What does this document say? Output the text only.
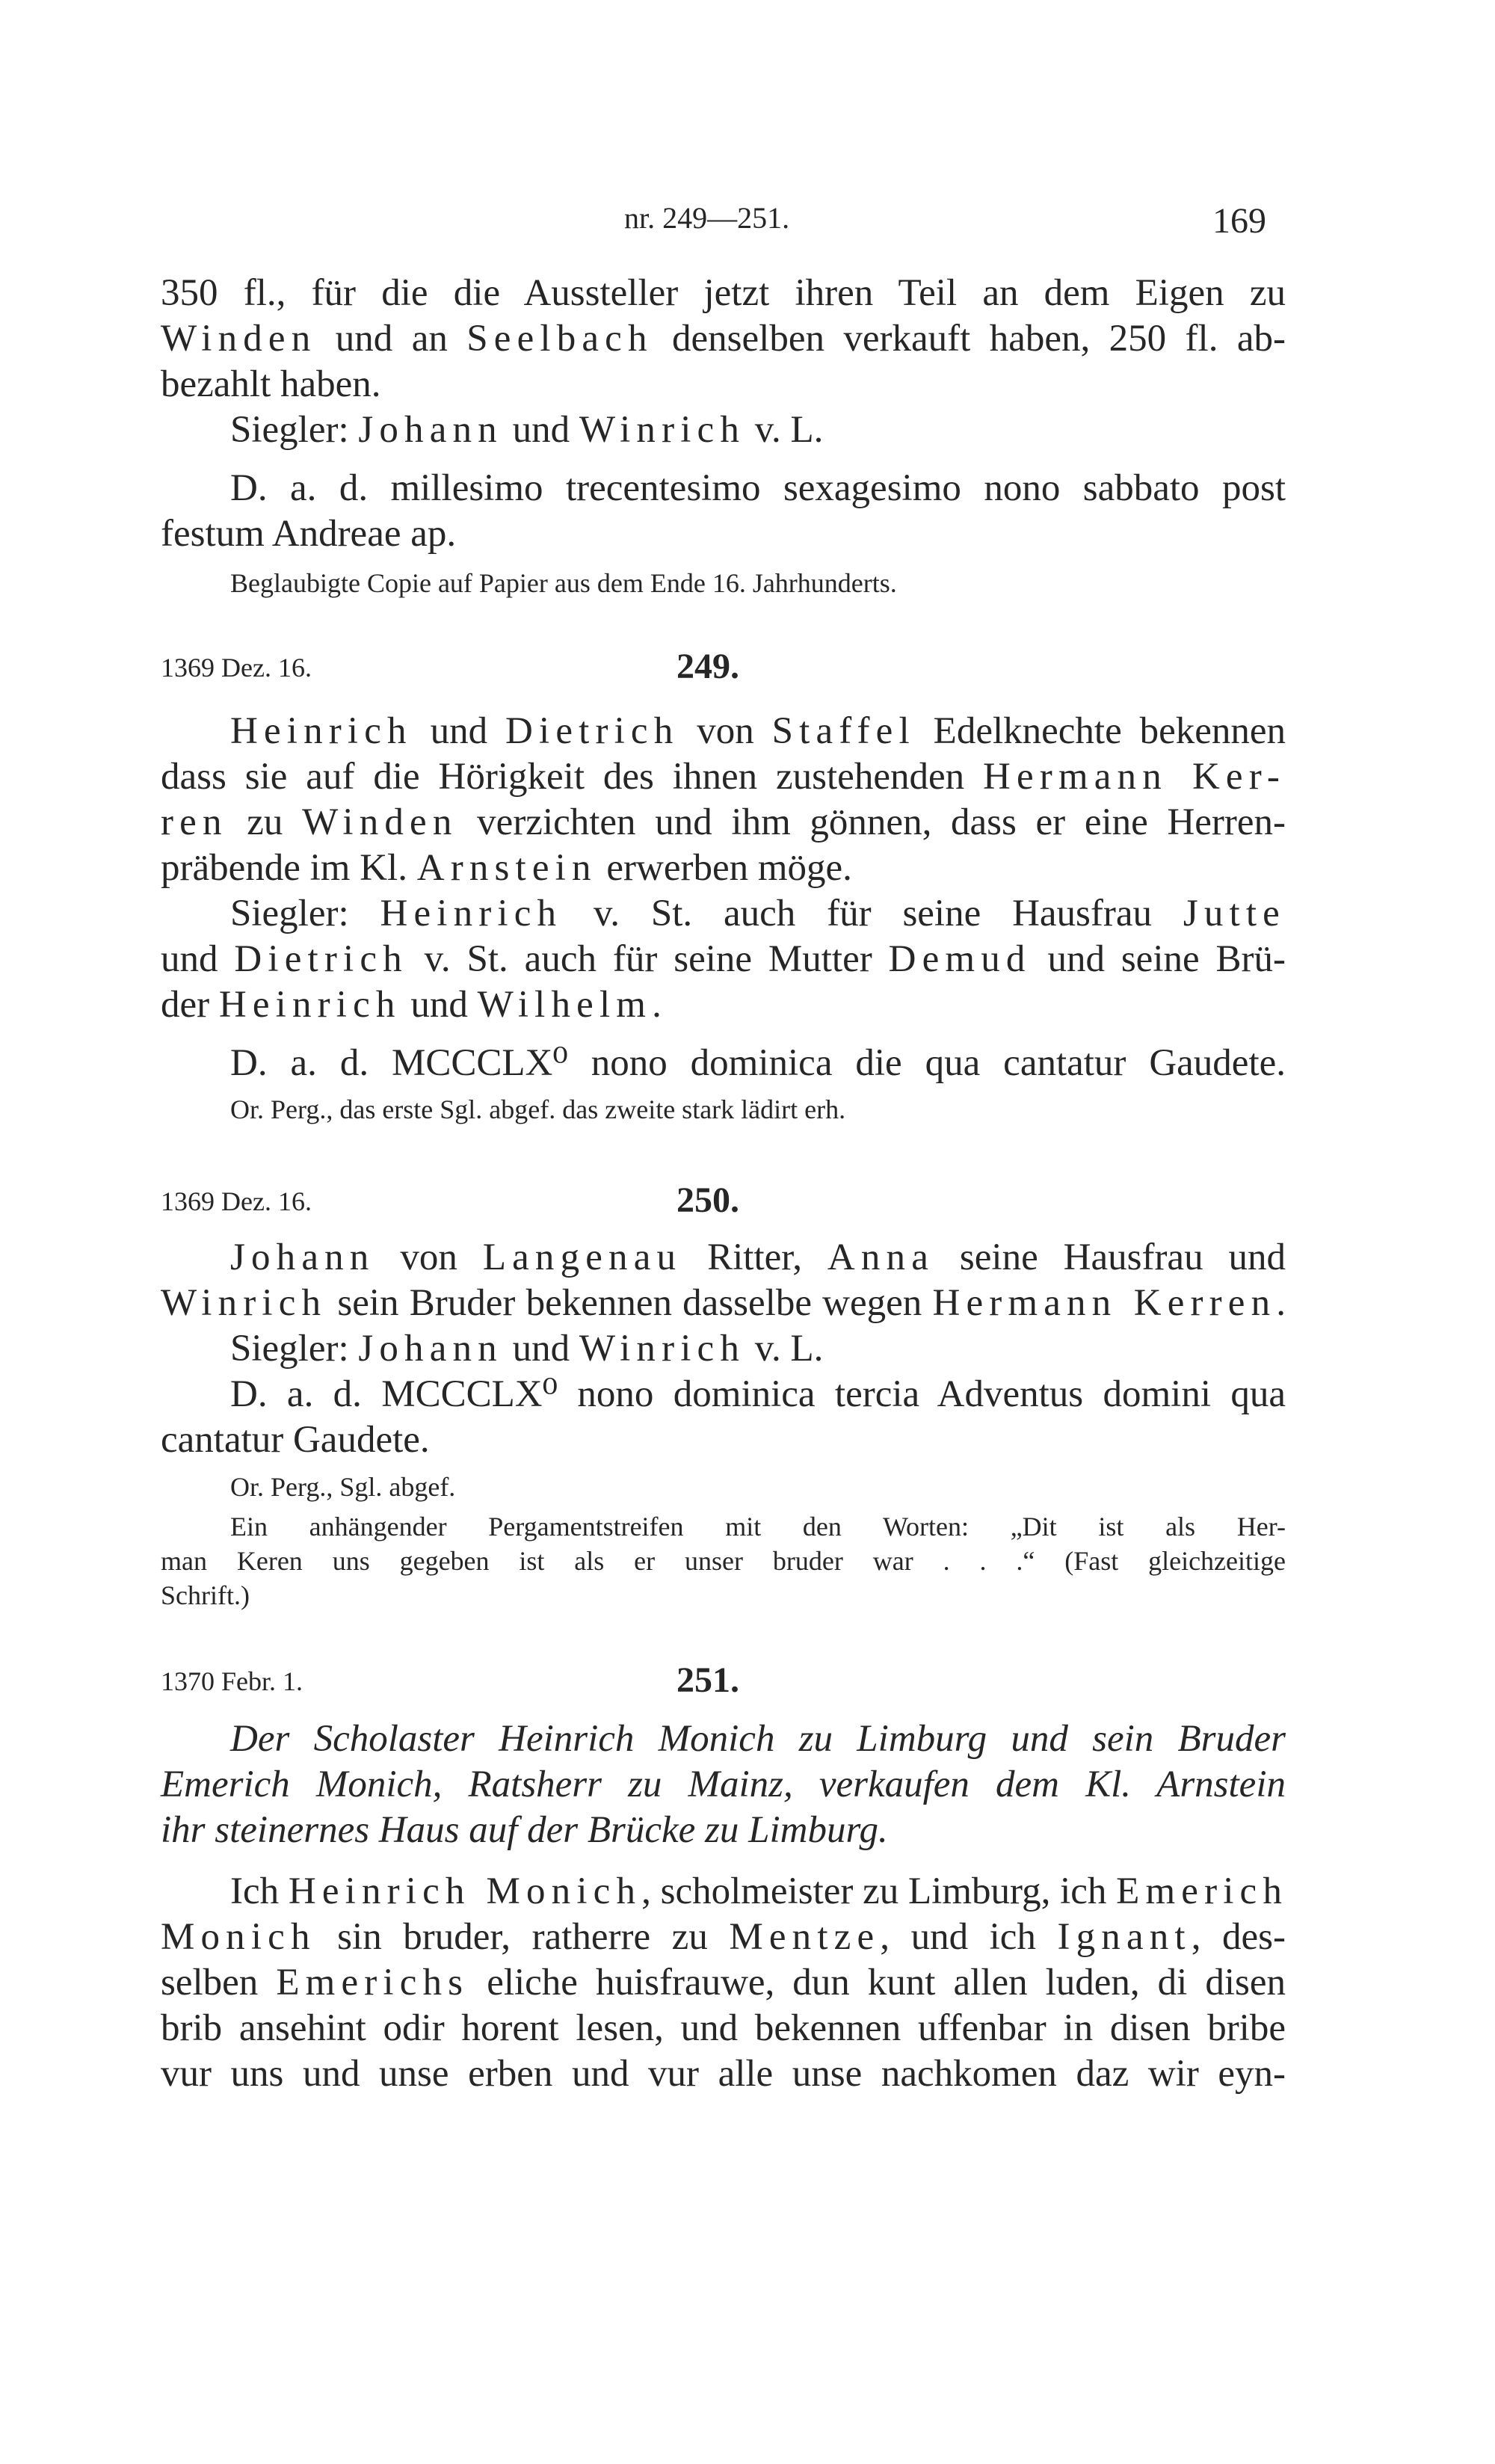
nr. 249—251.	169
350 fl., für die die Aussteller jetzt ihren Teil an dem Eigen zu
Winden und an Seelbach denselben verkauft haben, 250 fl. ab-
bezahlt haben.
Siegler: Johann und Winrich v. L.
D. a. d. millesimo trecentesimo sexagesimo nono sabbato post
festum Andreae ap.
Beglaubigte Copie auf Papier aus dem Ende 16. Jahrhunderts.
1369 Dez. 16.	249.
Heinrich und Dietrich von Staffel Edelknechte bekennen
dass sie auf die Hörigkeit des ihnen zustehenden Hermann Ker-
ren zu Winden verzichten und ihm gönnen, dass er eine Herren-
präbende im Kl. Arnstein erwerben möge.
Siegler: Heinrich v. St. auch für seine Hausfrau Jutte
und Dietrich v. St. auch für seine Mutter Demud und seine Brü-
der Heinrich und Wilhelm.
D. a. d. MCCCLX⁰ nono dominica die qua cantatur Gaudete.
Or. Perg., das erste Sgl. abgef. das zweite stark lädirt erh.
1369 Dez. 16.	250.
Johann von Langenau Ritter, Anna seine Hausfrau und
Winrich sein Bruder bekennen dasselbe wegen Hermann Kerren.
Siegler: Johann und Winrich v. L.
D. a. d. MCCCLX⁰ nono dominica tercia Adventus domini qua
cantatur Gaudete.
Or. Perg., Sgl. abgef.
Ein anhängender Pergamentstreifen mit den Worten: „Dit ist als Her-
man Keren uns gegeben ist als er unser bruder war . . .“ (Fast gleichzeitige
Schrift.)
1370 Febr. 1.	251.
Der Scholaster Heinrich Monich zu Limburg und sein Bruder
Emerich Monich, Ratsherr zu Mainz, verkaufen dem Kl. Arnstein
ihr steinernes Haus auf der Brücke zu Limburg.
Ich Heinrich Monich, scholmeister zu Limburg, ich Emerich
Monich sin bruder, ratherre zu Mentze, und ich Ignant, des-
selben Emerichs eliche huisfrauwe, dun kunt allen luden, di disen
brib ansehint odir horent lesen, und bekennen uffenbar in disen bribe
vur uns und unse erben und vur alle unse nachkomen daz wir eyn-
